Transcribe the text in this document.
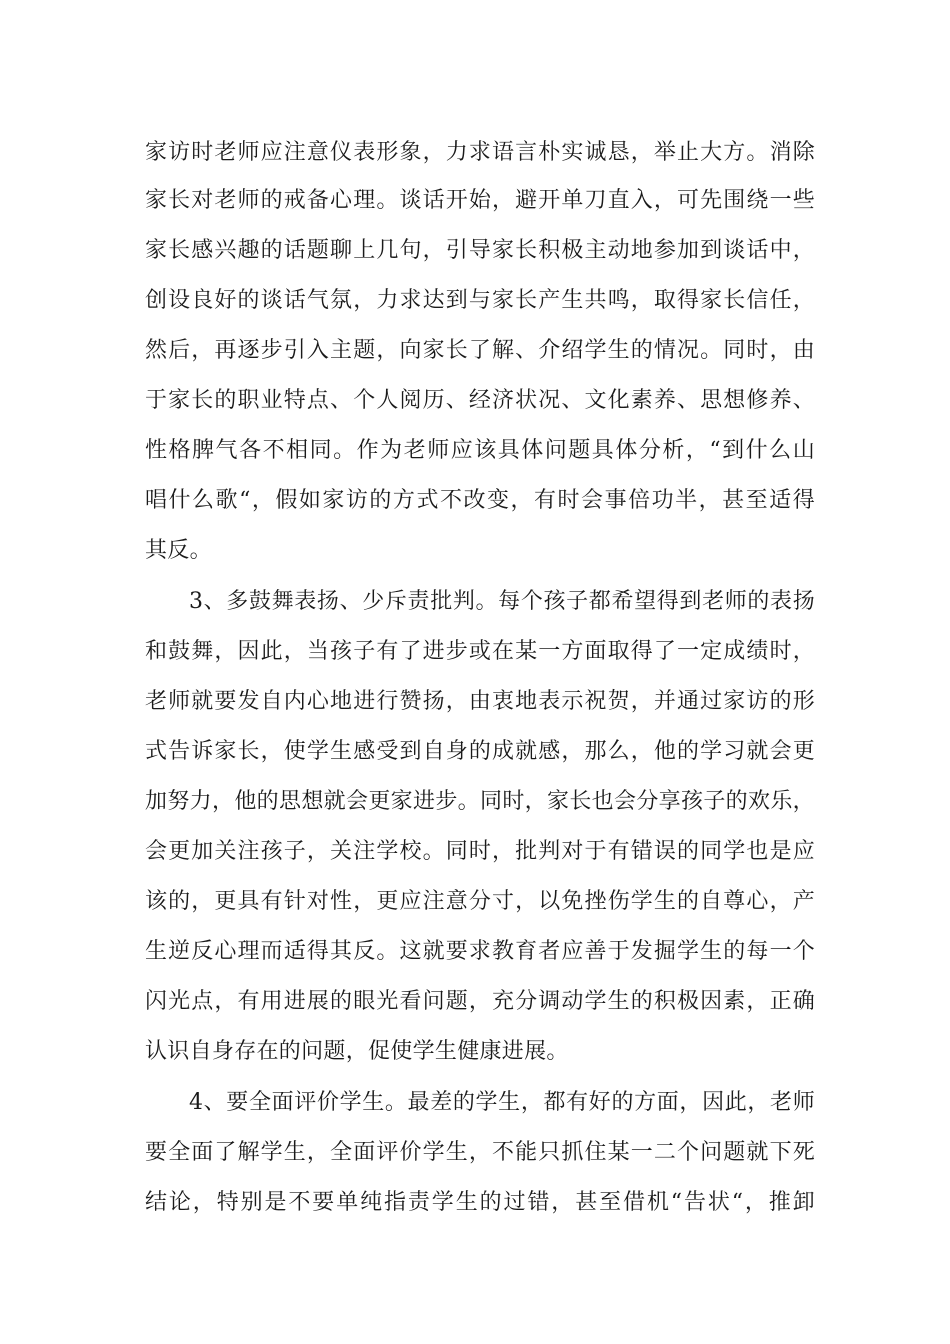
家访时老师应注意仪表形象，力求语言朴实诚恳，举止大方。消除
家长对老师的戒备心理。谈话开始，避开单刀直入，可先围绕一些
家长感兴趣的话题聊上几句，引导家长积极主动地参加到谈话中，
创设良好的谈话气氛，力求达到与家长产生共鸣，取得家长信任，
然后，再逐步引入主题，向家长了解、介绍学生的情况。同时，由
于家长的职业特点、个人阅历、经济状况、文化素养、思想修养、
性格脾气各不相同。作为老师应该具体问题具体分析，“到什么山
唱什么歌“，假如家访的方式不改变，有时会事倍功半，甚至适得
其反。
3、多鼓舞表扬、少斥责批判。每个孩子都希望得到老师的表扬
和鼓舞，因此，当孩子有了进步或在某一方面取得了一定成绩时，
老师就要发自内心地进行赞扬，由衷地表示祝贺，并通过家访的形
式告诉家长，使学生感受到自身的成就感，那么，他的学习就会更
加努力，他的思想就会更家进步。同时，家长也会分享孩子的欢乐，
会更加关注孩子，关注学校。同时，批判对于有错误的同学也是应
该的，更具有针对性，更应注意分寸，以免挫伤学生的自尊心，产
生逆反心理而适得其反。这就要求教育者应善于发掘学生的每一个
闪光点，有用进展的眼光看问题，充分调动学生的积极因素，正确
认识自身存在的问题，促使学生健康进展。
4、要全面评价学生。最差的学生，都有好的方面，因此，老师
要全面了解学生，全面评价学生，不能只抓住某一二个问题就下死
结论，特别是不要单纯指责学生的过错，甚至借机“告状“，推卸
